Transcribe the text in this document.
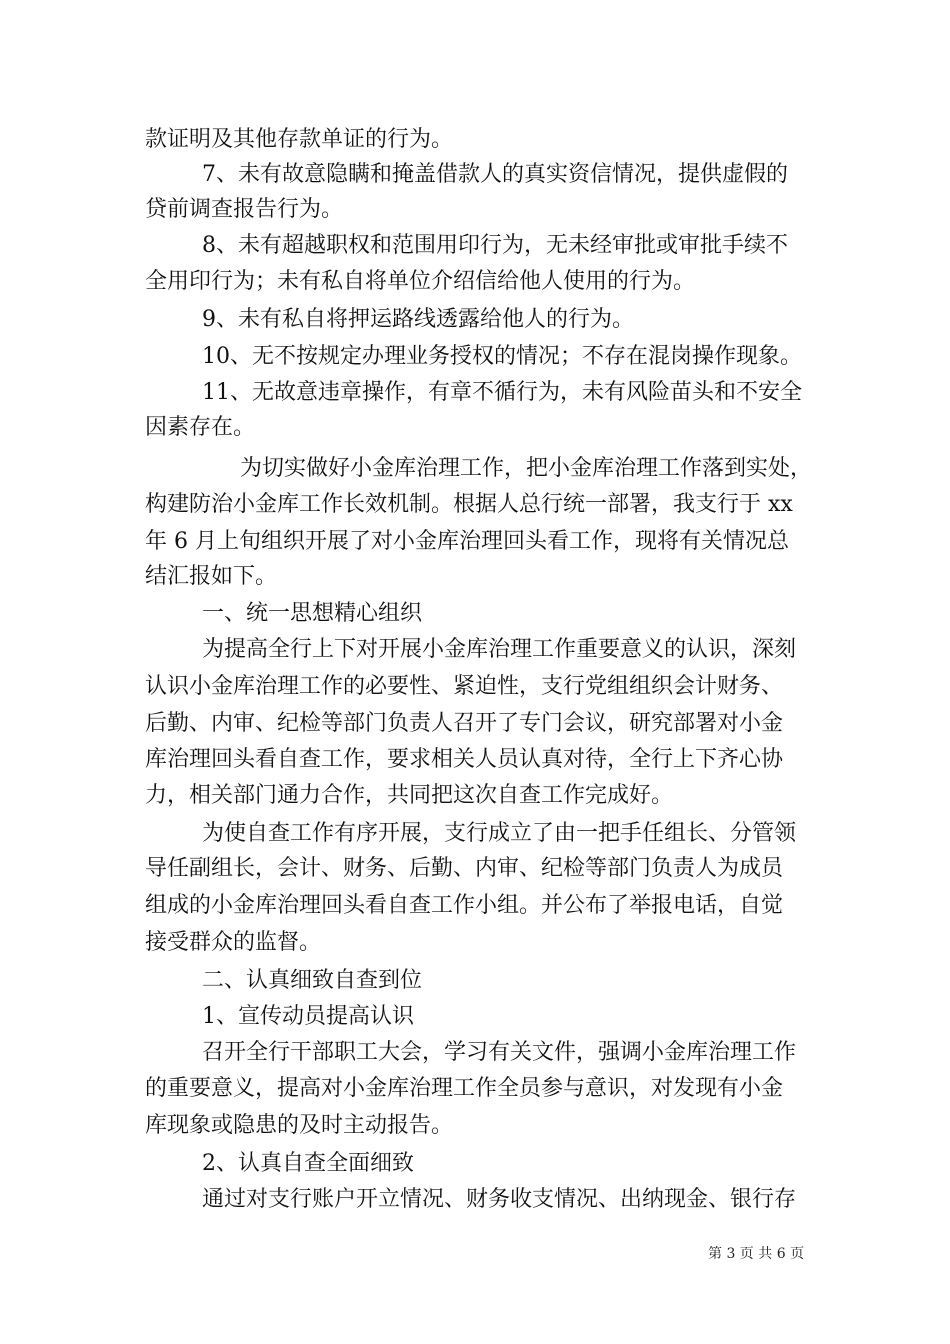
款证明及其他存款单证的行为。
7、未有故意隐瞒和掩盖借款人的真实资信情况，提供虚假的
贷前调查报告行为。
8、未有超越职权和范围用印行为，无未经审批或审批手续不
全用印行为；未有私自将单位介绍信给他人使用的行为。
9、未有私自将押运路线透露给他人的行为。
10、无不按规定办理业务授权的情况；不存在混岗操作现象。
11、无故意违章操作，有章不循行为，未有风险苗头和不安全
因素存在。
为切实做好小金库治理工作，把小金库治理工作落到实处，
构建防治小金库工作长效机制。根据人总行统一部署，我支行于 xx
年 6 月上旬组织开展了对小金库治理回头看工作，现将有关情况总
结汇报如下。
一、统一思想精心组织
为提高全行上下对开展小金库治理工作重要意义的认识，深刻
认识小金库治理工作的必要性、紧迫性，支行党组组织会计财务、
后勤、内审、纪检等部门负责人召开了专门会议，研究部署对小金
库治理回头看自查工作，要求相关人员认真对待，全行上下齐心协
力，相关部门通力合作，共同把这次自查工作完成好。
为使自查工作有序开展，支行成立了由一把手任组长、分管领
导任副组长，会计、财务、后勤、内审、纪检等部门负责人为成员
组成的小金库治理回头看自查工作小组。并公布了举报电话，自觉
接受群众的监督。
二、认真细致自查到位
1、宣传动员提高认识
召开全行干部职工大会，学习有关文件，强调小金库治理工作
的重要意义，提高对小金库治理工作全员参与意识，对发现有小金
库现象或隐患的及时主动报告。
2、认真自查全面细致
通过对支行账户开立情况、财务收支情况、出纳现金、银行存
第 3 页 共 6 页
